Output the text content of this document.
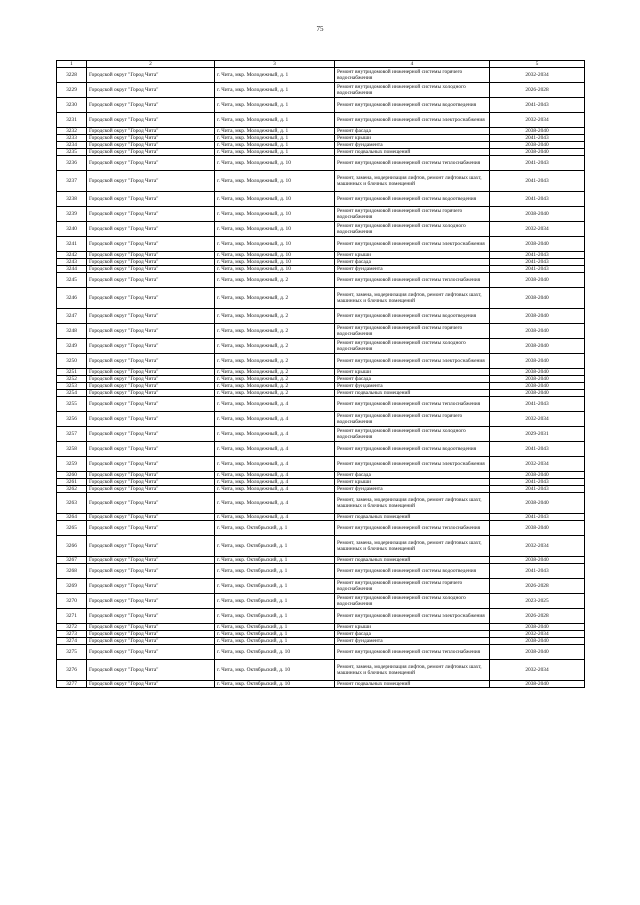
75
1	2	3	4	5
3228	Городской округ "Город Чита"	г. Чита, мкр. Молодежный, д. 1	Ремонт внутридомовой инженерной системы горячего водоснабжения	2032-2034
3229	Городской округ "Город Чита"	г. Чита, мкр. Молодежный, д. 1	Ремонт внутридомовой инженерной системы холодного водоснабжения	2026-2028
3230	Городской округ "Город Чита"	г. Чита, мкр. Молодежный, д. 1	Ремонт внутридомовой инженерной системы водоотведения	2041-2043
3231	Городской округ "Город Чита"	г. Чита, мкр. Молодежный, д. 1	Ремонт внутридомовой инженерной системы электроснабжения	2032-2034
3232	Городской округ "Город Чита"	г. Чита, мкр. Молодежный, д. 1	Ремонт фасада	2038-2040
3233	Городской округ "Город Чита"	г. Чита, мкр. Молодежный, д. 1	Ремонт крыши	2041-2043
3234	Городской округ "Город Чита"	г. Чита, мкр. Молодежный, д. 1	Ремонт фундамента	2038-2040
3235	Городской округ "Город Чита"	г. Чита, мкр. Молодежный, д. 1	Ремонт подвальных помещений	2038-2040
3236	Городской округ "Город Чита"	г. Чита, мкр. Молодежный, д. 10	Ремонт внутридомовой инженерной системы теплоснабжения	2041-2043
3237	Городской округ "Город Чита"	г. Чита, мкр. Молодежный, д. 10	Ремонт, замена, модернизация лифтов, ремонт лифтовых шахт, машинных и блочных помещений	2041-2043
3238	Городской округ "Город Чита"	г. Чита, мкр. Молодежный, д. 10	Ремонт внутридомовой инженерной системы водоотведения	2041-2043
3239	Городской округ "Город Чита"	г. Чита, мкр. Молодежный, д. 10	Ремонт внутридомовой инженерной системы горячего водоснабжения	2038-2040
3240	Городской округ "Город Чита"	г. Чита, мкр. Молодежный, д. 10	Ремонт внутридомовой инженерной системы холодного водоснабжения	2032-2034
3241	Городской округ "Город Чита"	г. Чита, мкр. Молодежный, д. 10	Ремонт внутридомовой инженерной системы электроснабжения	2038-2040
3242	Городской округ "Город Чита"	г. Чита, мкр. Молодежный, д. 10	Ремонт крыши	2041-2043
3243	Городской округ "Город Чита"	г. Чита, мкр. Молодежный, д. 10	Ремонт фасада	2041-2043
3244	Городской округ "Город Чита"	г. Чита, мкр. Молодежный, д. 10	Ремонт фундамента	2041-2043
3245	Городской округ "Город Чита"	г. Чита, мкр. Молодежный, д. 2	Ремонт внутридомовой инженерной системы теплоснабжения	2038-2040
3246	Городской округ "Город Чита"	г. Чита, мкр. Молодежный, д. 2	Ремонт, замена, модернизация лифтов, ремонт лифтовых шахт, машинных и блочных помещений	2038-2040
3247	Городской округ "Город Чита"	г. Чита, мкр. Молодежный, д. 2	Ремонт внутридомовой инженерной системы водоотведения	2038-2040
3248	Городской округ "Город Чита"	г. Чита, мкр. Молодежный, д. 2	Ремонт внутридомовой инженерной системы горячего водоснабжения	2038-2040
3249	Городской округ "Город Чита"	г. Чита, мкр. Молодежный, д. 2	Ремонт внутридомовой инженерной системы холодного водоснабжения	2038-2040
3250	Городской округ "Город Чита"	г. Чита, мкр. Молодежный, д. 2	Ремонт внутридомовой инженерной системы электроснабжения	2038-2040
3251	Городской округ "Город Чита"	г. Чита, мкр. Молодежный, д. 2	Ремонт крыши	2038-2040
3252	Городской округ "Город Чита"	г. Чита, мкр. Молодежный, д. 2	Ремонт фасада	2038-2040
3253	Городской округ "Город Чита"	г. Чита, мкр. Молодежный, д. 2	Ремонт фундамента	2038-2040
3254	Городской округ "Город Чита"	г. Чита, мкр. Молодежный, д. 2	Ремонт подвальных помещений	2038-2040
3255	Городской округ "Город Чита"	г. Чита, мкр. Молодежный, д. 4	Ремонт внутридомовой инженерной системы теплоснабжения	2041-2043
3256	Городской округ "Город Чита"	г. Чита, мкр. Молодежный, д. 4	Ремонт внутридомовой инженерной системы горячего водоснабжения	2032-2034
3257	Городской округ "Город Чита"	г. Чита, мкр. Молодежный, д. 4	Ремонт внутридомовой инженерной системы холодного водоснабжения	2029-2031
3258	Городской округ "Город Чита"	г. Чита, мкр. Молодежный, д. 4	Ремонт внутридомовой инженерной системы водоотведения	2041-2043
3259	Городской округ "Город Чита"	г. Чита, мкр. Молодежный, д. 4	Ремонт внутридомовой инженерной системы электроснабжения	2032-2034
3260	Городской округ "Город Чита"	г. Чита, мкр. Молодежный, д. 4	Ремонт фасада	2038-2040
3261	Городской округ "Город Чита"	г. Чита, мкр. Молодежный, д. 4	Ремонт крыши	2041-2043
3262	Городской округ "Город Чита"	г. Чита, мкр. Молодежный, д. 4	Ремонт фундамента	2041-2043
3263	Городской округ "Город Чита"	г. Чита, мкр. Молодежный, д. 4	Ремонт, замена, модернизация лифтов, ремонт лифтовых шахт, машинных и блочных помещений	2038-2040
3264	Городской округ "Город Чита"	г. Чита, мкр. Молодежный, д. 4	Ремонт подвальных помещений	2041-2043
3265	Городской округ "Город Чита"	г. Чита, мкр. Октябрьский, д. 1	Ремонт внутридомовой инженерной системы теплоснабжения	2038-2040
3266	Городской округ "Город Чита"	г. Чита, мкр. Октябрьский, д. 1	Ремонт, замена, модернизация лифтов, ремонт лифтовых шахт, машинных и блочных помещений	2032-2034
3267	Городской округ "Город Чита"	г. Чита, мкр. Октябрьский, д. 1	Ремонт подвальных помещений	2038-2040
3268	Городской округ "Город Чита"	г. Чита, мкр. Октябрьский, д. 1	Ремонт внутридомовой инженерной системы водоотведения	2041-2043
3269	Городской округ "Город Чита"	г. Чита, мкр. Октябрьский, д. 1	Ремонт внутридомовой инженерной системы горячего водоснабжения	2026-2028
3270	Городской округ "Город Чита"	г. Чита, мкр. Октябрьский, д. 1	Ремонт внутридомовой инженерной системы холодного водоснабжения	2023-2025
3271	Городской округ "Город Чита"	г. Чита, мкр. Октябрьский, д. 1	Ремонт внутридомовой инженерной системы электроснабжения	2026-2028
3272	Городской округ "Город Чита"	г. Чита, мкр. Октябрьский, д. 1	Ремонт крыши	2038-2040
3273	Городской округ "Город Чита"	г. Чита, мкр. Октябрьский, д. 1	Ремонт фасада	2032-2034
3274	Городской округ "Город Чита"	г. Чита, мкр. Октябрьский, д. 1	Ремонт фундамента	2038-2040
3275	Городской округ "Город Чита"	г. Чита, мкр. Октябрьский, д. 10	Ремонт внутридомовой инженерной системы теплоснабжения	2038-2040
3276	Городской округ "Город Чита"	г. Чита, мкр. Октябрьский, д. 10	Ремонт, замена, модернизация лифтов, ремонт лифтовых шахт, машинных и блочных помещений	2032-2034
3277	Городской округ "Город Чита"	г. Чита, мкр. Октябрьский, д. 10	Ремонт подвальных помещений	2038-2040
